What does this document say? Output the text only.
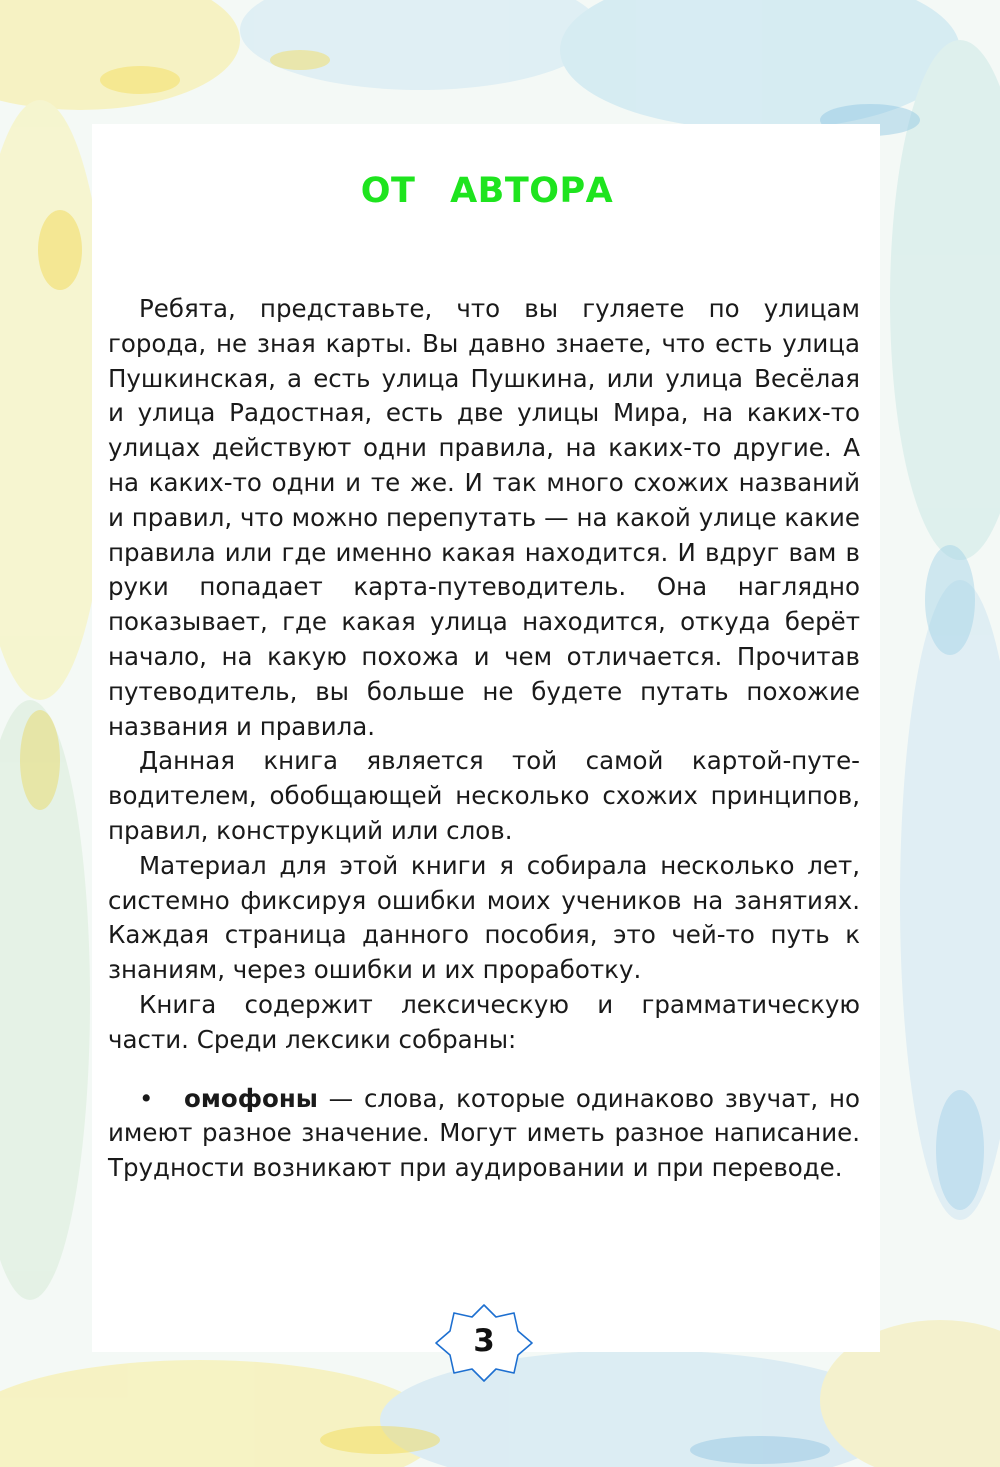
ОТ АВТОРА

Ребята, представьте, что вы гуляете по улицам города, не зная карты. Вы давно знаете, что есть улица Пушкинская, а есть улица Пушкина, или улица Весёлая и улица Радостная, есть две улицы Мира, на каких-то улицах действуют одни правила, на каких-то другие. А на каких-то одни и те же. И так много схожих названий и правил, что можно перепутать — на какой улице какие правила или где именно какая находится. И вдруг вам в руки попадает карта-путеводитель. Она наглядно показывает, где какая улица находится, откуда берёт начало, на какую похожа и чем отличается. Прочитав путеводитель, вы больше не будете путать похожие названия и правила.

Данная книга является той самой картой-путеводителем, обобщающей несколько схожих принципов, правил, конструкций или слов.

Материал для этой книги я собирала несколько лет, системно фиксируя ошибки моих учеников на занятиях. Каждая страница данного пособия, это чей-то путь к знаниям, через ошибки и их проработку.

Книга содержит лексическую и грамматическую части. Среди лексики собраны:

• омофоны — слова, которые одинаково звучат, но имеют разное значение. Могут иметь разное написание. Трудности возникают при аудировании и при переводе.

3
